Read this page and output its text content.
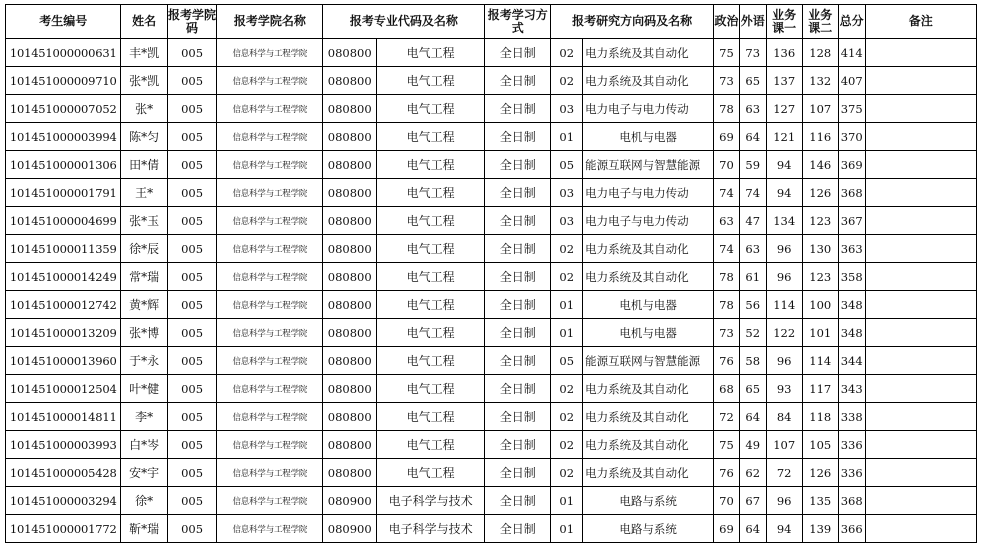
考生编号	姓名	报考学院码	报考学院名称	报考专业代码及名称		报考学习方式	报考研究方向码及名称		政治	外语	业务课一	业务课二	总分	备注
101451000000631	丰*凯	005	信息科学与工程学院	080800	电气工程	全日制	02	电力系统及其自动化	75	73	136	128	414	
101451000009710	张*凯	005	信息科学与工程学院	080800	电气工程	全日制	02	电力系统及其自动化	73	65	137	132	407	
101451000007052	张*	005	信息科学与工程学院	080800	电气工程	全日制	03	电力电子与电力传动	78	63	127	107	375	
101451000003994	陈*匀	005	信息科学与工程学院	080800	电气工程	全日制	01	电机与电器	69	64	121	116	370	
101451000001306	田*倩	005	信息科学与工程学院	080800	电气工程	全日制	05	能源互联网与智慧能源	70	59	94	146	369	
101451000001791	王*	005	信息科学与工程学院	080800	电气工程	全日制	03	电力电子与电力传动	74	74	94	126	368	
101451000004699	张*玉	005	信息科学与工程学院	080800	电气工程	全日制	03	电力电子与电力传动	63	47	134	123	367	
101451000011359	徐*辰	005	信息科学与工程学院	080800	电气工程	全日制	02	电力系统及其自动化	74	63	96	130	363	
101451000014249	常*瑞	005	信息科学与工程学院	080800	电气工程	全日制	02	电力系统及其自动化	78	61	96	123	358	
101451000012742	黄*辉	005	信息科学与工程学院	080800	电气工程	全日制	01	电机与电器	78	56	114	100	348	
101451000013209	张*博	005	信息科学与工程学院	080800	电气工程	全日制	01	电机与电器	73	52	122	101	348	
101451000013960	于*永	005	信息科学与工程学院	080800	电气工程	全日制	05	能源互联网与智慧能源	76	58	96	114	344	
101451000012504	叶*健	005	信息科学与工程学院	080800	电气工程	全日制	02	电力系统及其自动化	68	65	93	117	343	
101451000014811	李*	005	信息科学与工程学院	080800	电气工程	全日制	02	电力系统及其自动化	72	64	84	118	338	
101451000003993	白*岑	005	信息科学与工程学院	080800	电气工程	全日制	02	电力系统及其自动化	75	49	107	105	336	
101451000005428	安*宇	005	信息科学与工程学院	080800	电气工程	全日制	02	电力系统及其自动化	76	62	72	126	336	
101451000003294	徐*	005	信息科学与工程学院	080900	电子科学与技术	全日制	01	电路与系统	70	67	96	135	368	
101451000001772	靳*瑞	005	信息科学与工程学院	080900	电子科学与技术	全日制	01	电路与系统	69	64	94	139	366	
